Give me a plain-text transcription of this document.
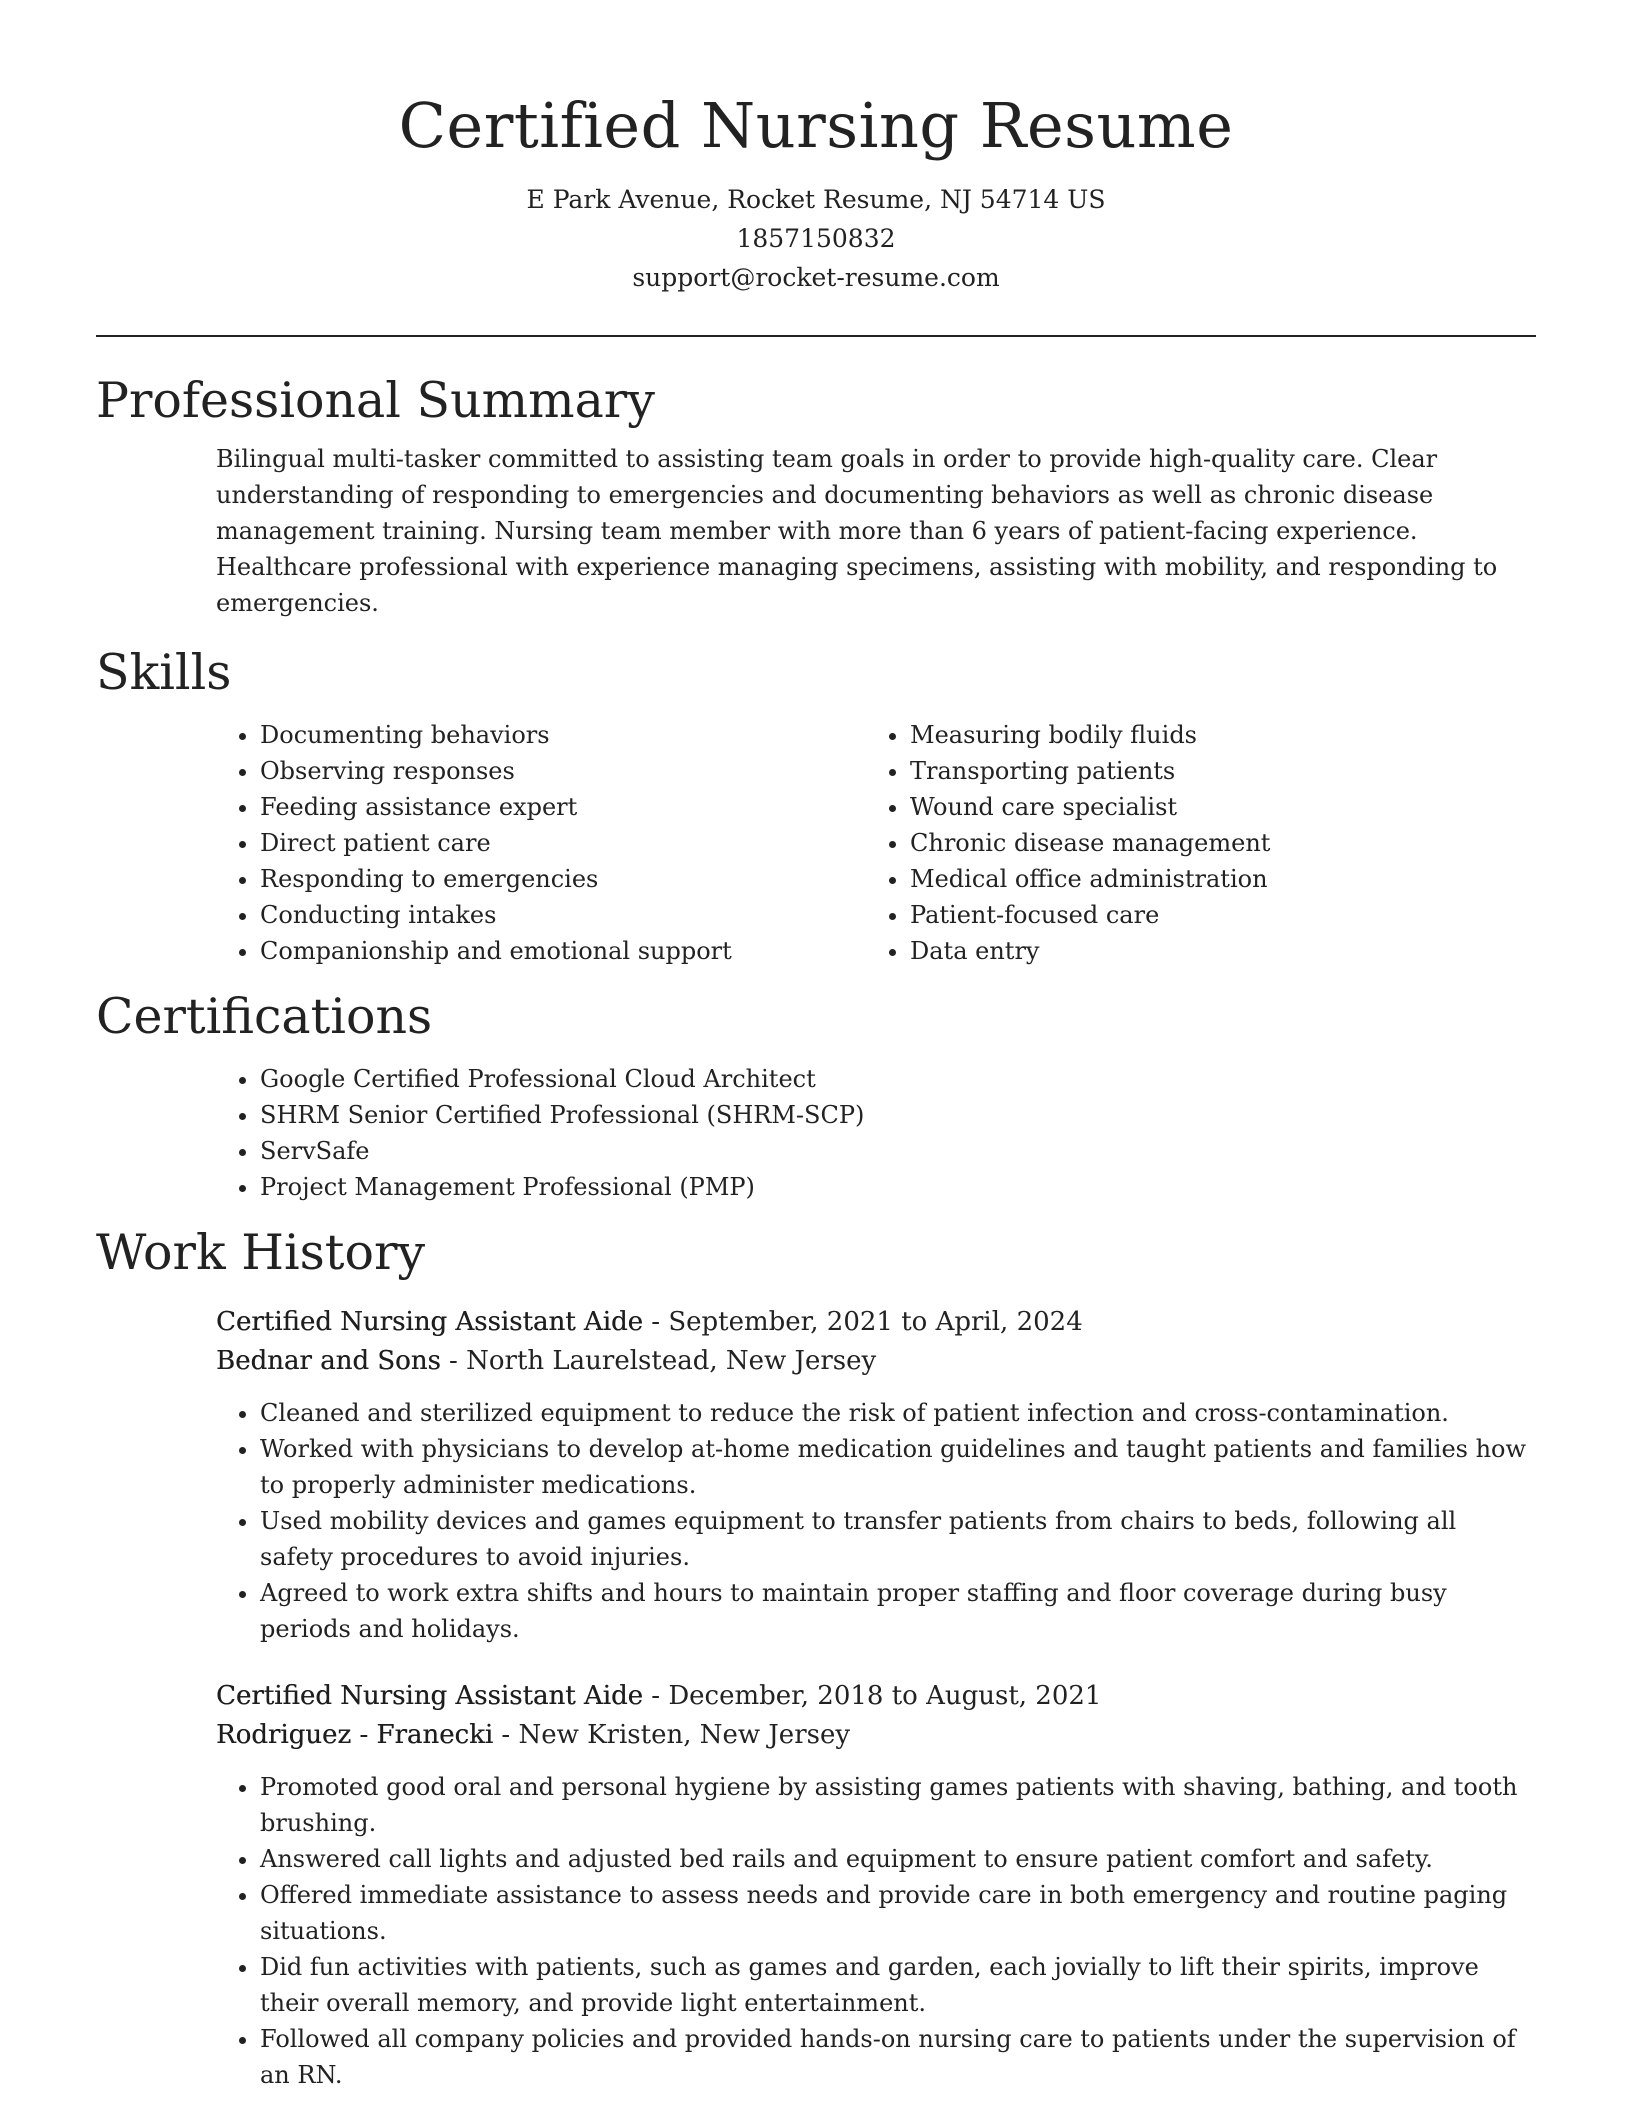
Certified Nursing Resume
E Park Avenue, Rocket Resume, NJ 54714 US
1857150832
support@rocket-resume.com
Professional Summary

Bilingual multi-tasker committed to assisting team goals in order to provide high-quality care. Clear understanding of responding to emergencies and documenting behaviors as well as chronic disease management training. Nursing team member with more than 6 years of patient-facing experience. Healthcare professional with experience managing specimens, assisting with mobility, and responding to emergencies.

Skills
• Documenting behaviors
• Observing responses
• Feeding assistance expert
• Direct patient care
• Responding to emergencies
• Conducting intakes
• Companionship and emotional support
• Measuring bodily fluids
• Transporting patients
• Wound care specialist
• Chronic disease management
• Medical office administration
• Patient-focused care
• Data entry
Certifications
• Google Certified Professional Cloud Architect
• SHRM Senior Certified Professional (SHRM-SCP)
• ServSafe
• Project Management Professional (PMP)
Work History
Certified Nursing Assistant Aide - September, 2021 to April, 2024
Bednar and Sons - North Laurelstead, New Jersey
• Cleaned and sterilized equipment to reduce the risk of patient infection and cross-contamination.
• Worked with physicians to develop at-home medication guidelines and taught patients and families how to properly administer medications.
• Used mobility devices and games equipment to transfer patients from chairs to beds, following all safety procedures to avoid injuries.
• Agreed to work extra shifts and hours to maintain proper staffing and floor coverage during busy periods and holidays.
Certified Nursing Assistant Aide - December, 2018 to August, 2021
Rodriguez - Franecki - New Kristen, New Jersey
• Promoted good oral and personal hygiene by assisting games patients with shaving, bathing, and tooth brushing.
• Answered call lights and adjusted bed rails and equipment to ensure patient comfort and safety.
• Offered immediate assistance to assess needs and provide care in both emergency and routine paging situations.
• Did fun activities with patients, such as games and garden, each jovially to lift their spirits, improve their overall memory, and provide light entertainment.
• Followed all company policies and provided hands-on nursing care to patients under the supervision of an RN.
